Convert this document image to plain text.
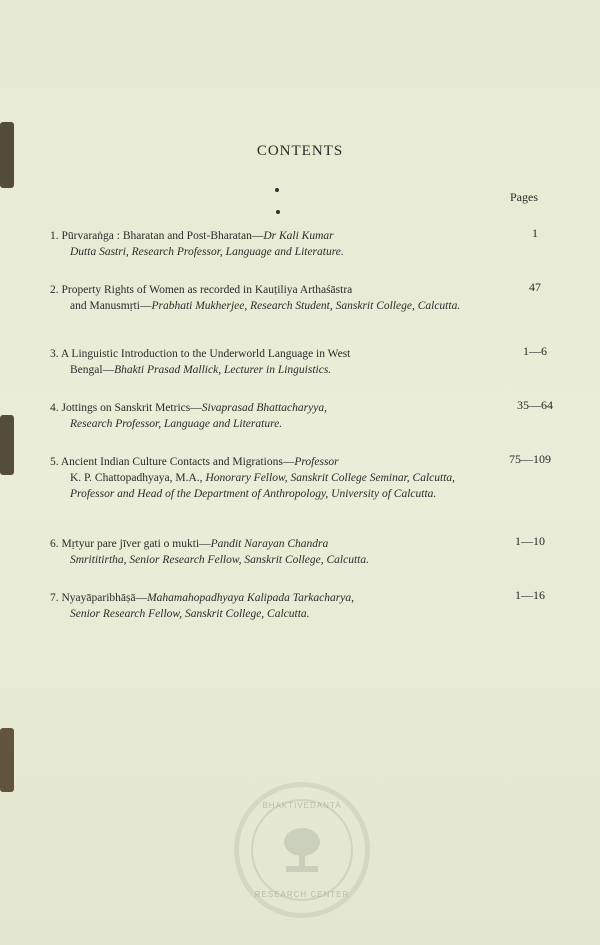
CONTENTS
Pages
1. Pūrvaraṅga : Bharatan and Post-Bharatan—Dr Kali Kumar
Dutta Sastri, Research Professor, Language and Literature.
1
2. Property Rights of Women as recorded in Kauṭiliya Arthaśāstra
and Manusmṛti—Prabhati Mukherjee, Research Student, Sanskrit College, Calcutta.
47
3. A Linguistic Introduction to the Underworld Language in West
Bengal—Bhakti Prasad Mallick, Lecturer in Linguistics.
1—6
4. Jottings on Sanskrit Metrics—Sivaprasad Bhattacharyya,
Research Professor, Language and Literature.
35—64
5. Ancient Indian Culture Contacts and Migrations—Professor
K. P. Chattopadhyaya, M.A., Honorary Fellow, Sanskrit College Seminar, Calcutta, Professor and Head of the Department of Anthropology, University of Calcutta.
75—109
6. Mṛtyur pare jīver gati o mukti—Pandit Narayan Chandra
Smrititirtha, Senior Research Fellow, Sanskrit College, Calcutta.
1—10
7. Nyayāparibhāṣā—Mahamahopadhyaya Kalipada Tarkacharya,
Senior Research Fellow, Sanskrit College, Calcutta.
1—16
BHAKTIVEDANTA
RESEARCH CENTER
